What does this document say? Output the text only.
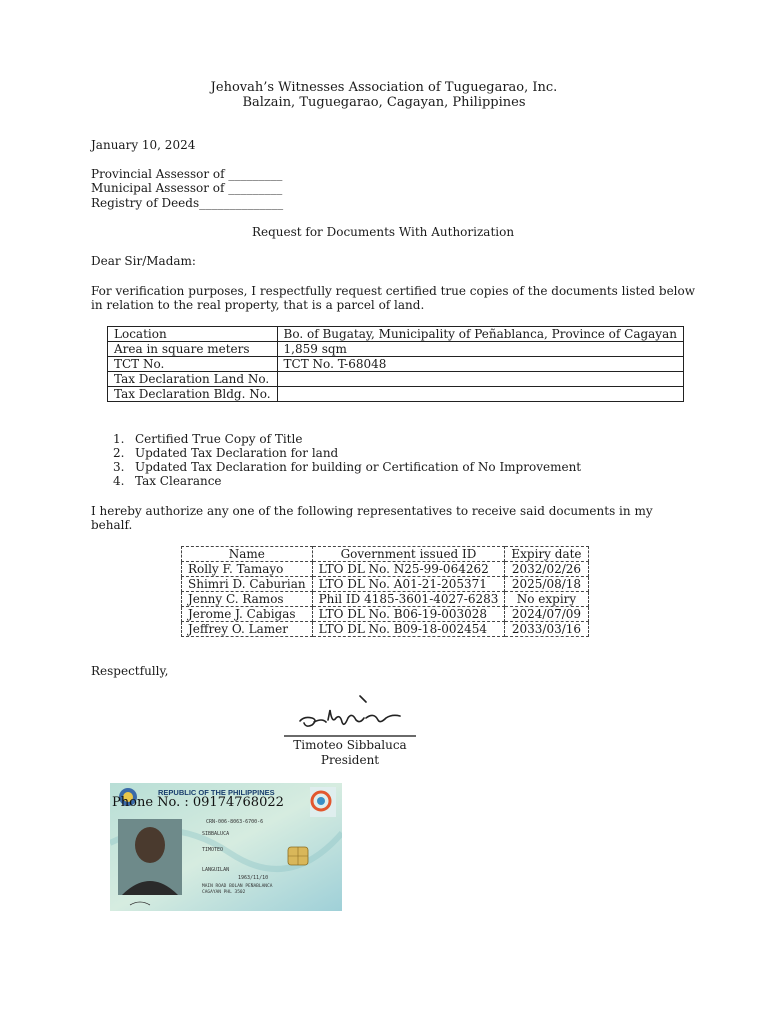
Jehovah’s Witnesses Association of Tuguegarao, Inc.
Balzain, Tuguegarao, Cagayan, Philippines
January 10, 2024
Provincial Assessor of _________
Municipal Assessor of _________
Registry of Deeds______________
Request for Documents With Authorization
Dear Sir/Madam:
For verification purposes, I respectfully request certified true copies of the documents listed below
in relation to the real property, that is a parcel of land.
Location	Bo. of Bugatay, Municipality of Peñablanca, Province of Cagayan
Area in square meters	1,859 sqm
TCT No.	TCT No. T-68048
Tax Declaration Land No.	
Tax Declaration Bldg. No.	
1. Certified True Copy of Title
2. Updated Tax Declaration for land
3. Updated Tax Declaration for building or Certification of No Improvement
4. Tax Clearance
I hereby authorize any one of the following representatives to receive said documents in my
behalf.
Name	Government issued ID	Expiry date
Rolly F. Tamayo	LTO DL No. N25-99-064262	2032/02/26
Shimri D. Caburian	LTO DL No. A01-21-205371	2025/08/18
Jenny C. Ramos	Phil ID 4185-3601-4027-6283	No expiry
Jerome J. Cabigas	LTO DL No. B06-19-003028	2024/07/09
Jeffrey O. Lamer	LTO DL No. B09-18-002454	2033/03/16
Respectfully,
Timoteo Sibbaluca
President
REPUBLIC OF THE PHILIPPINES
CRN-006-8063-6700-6
SIBBALUCA
TIMOTEO
LANGUILAN
1963/11/10
MAIN ROAD BOLAN PEÑABLANCA
CAGAYAN PHL 3502
Phone No. : 09174768022
